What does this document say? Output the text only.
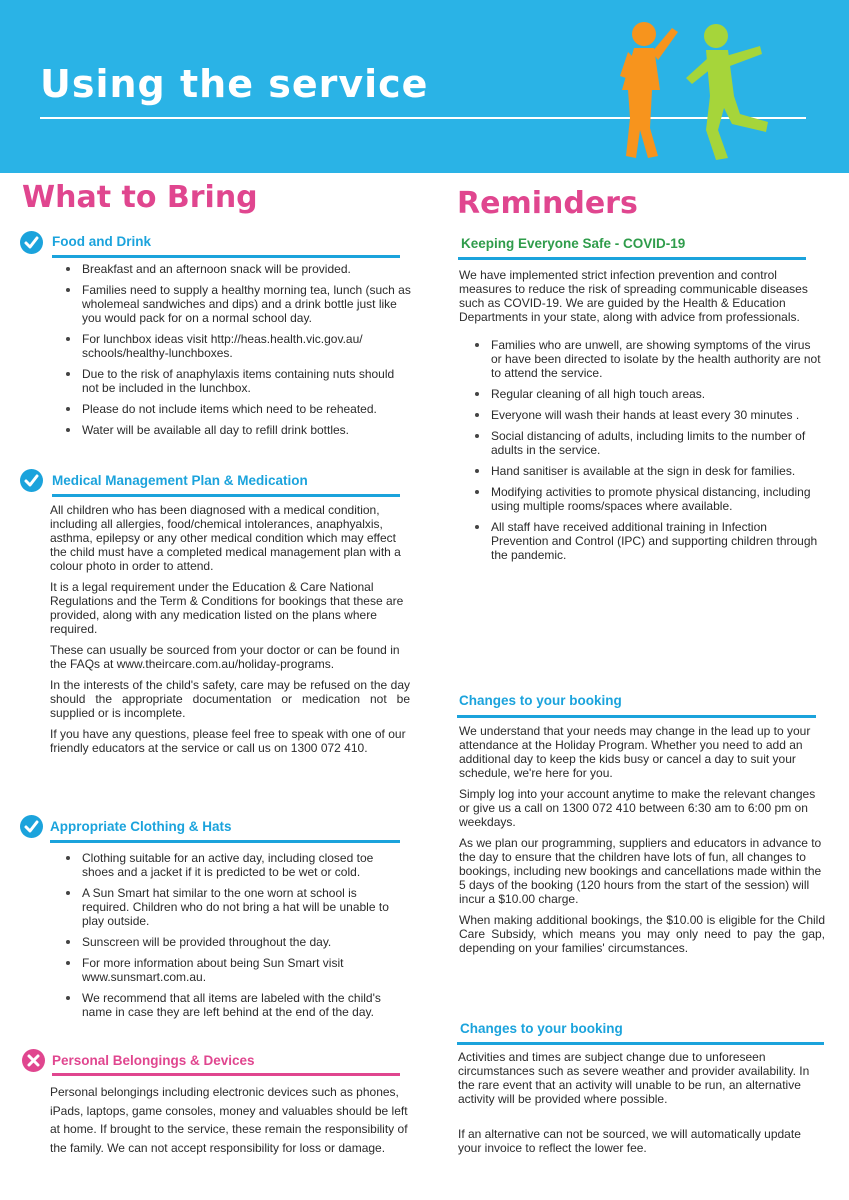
Using the service
What to Bring
Food and Drink
Breakfast and an afternoon snack will be provided.
Families need to supply a healthy morning tea, lunch (such as wholemeal sandwiches and dips) and a drink bottle just like you would pack for on a normal school day.
For lunchbox ideas visit http://heas.health.vic.gov.au/ schools/healthy-lunchboxes.
Due to the risk of anaphylaxis items containing nuts should not be included in the lunchbox.
Please do not include items which need to be reheated.
Water will be available all day to refill drink bottles.
Medical Management Plan & Medication

All children who has been diagnosed with a medical condition, including all allergies, food/chemical intolerances, anaphyalxis, asthma, epilepsy or any other medical condition which may effect the child must have a completed medical management plan with a colour photo in order to attend.

It is a legal requirement under the Education & Care National Regulations and the Term & Conditions for bookings that these are provided, along with any medication listed on the plans where required.

These can usually be sourced from your doctor or can be found in the FAQs at www.theircare.com.au/holiday-programs.

In the interests of the child's safety, care may be refused on the day should the appropriate documentation or medication not be supplied or is incomplete.

If you have any questions, please feel free to speak with one of our friendly educators at the service or call us on 1300 072 410.

Appropriate Clothing & Hats
Clothing suitable for an active day, including closed toe shoes and a jacket if it is predicted to be wet or cold.
A Sun Smart hat similar to the one worn at school is required. Children who do not bring a hat will be unable to play outside.
Sunscreen will be provided throughout the day.
For more information about being Sun Smart visit www.sunsmart.com.au.
We recommend that all items are labeled with the child's name in case they are left behind at the end of the day.
Personal Belongings & Devices
Personal belongings including electronic devices such as phones, iPads, laptops, game consoles, money and valuables should be left at home. If brought to the service, these remain the responsibility of the family. We can not accept responsibility for loss or damage.
Reminders
Keeping Everyone Safe - COVID-19
We have implemented strict infection prevention and control measures to reduce the risk of spreading communicable diseases such as COVID-19. We are guided by the Health & Education Departments in your state, along with advice from professionals.
Families who are unwell, are showing symptoms of the virus or have been directed to isolate by the health authority are not to attend the service.
Regular cleaning of all high touch areas.
Everyone will wash their hands at least every 30 minutes .
Social distancing of adults, including limits to the number of adults in the service.
Hand sanitiser is available at the sign in desk for families.
Modifying activities to promote physical distancing, including using multiple rooms/spaces where available.
All staff have received additional training in Infection Prevention and Control (IPC) and supporting children through the pandemic.
Changes to your booking

We understand that your needs may change in the lead up to your attendance at the Holiday Program. Whether you need to add an additional day to keep the kids busy or cancel a day to suit your schedule, we're here for you.

Simply log into your account anytime to make the relevant changes or give us a call on 1300 072 410 between 6:30 am to 6:00 pm on weekdays.

As we plan our programming, suppliers and educators in advance to the day to ensure that the children have lots of fun, all changes to bookings, including new bookings and cancellations made within the 5 days of the booking (120 hours from the start of the session) will incur a $10.00 charge.

When making additional bookings, the $10.00 is eligible for the Child Care Subsidy, which means you may only need to pay the gap, depending on your families' circumstances.

Changes to your booking

Activities and times are subject change due to unforeseen circumstances such as severe weather and provider availability. In the rare event that an activity will unable to be run, an alternative activity will be provided where possible.

If an alternative can not be sourced, we will automatically update your invoice to reflect the lower fee.
